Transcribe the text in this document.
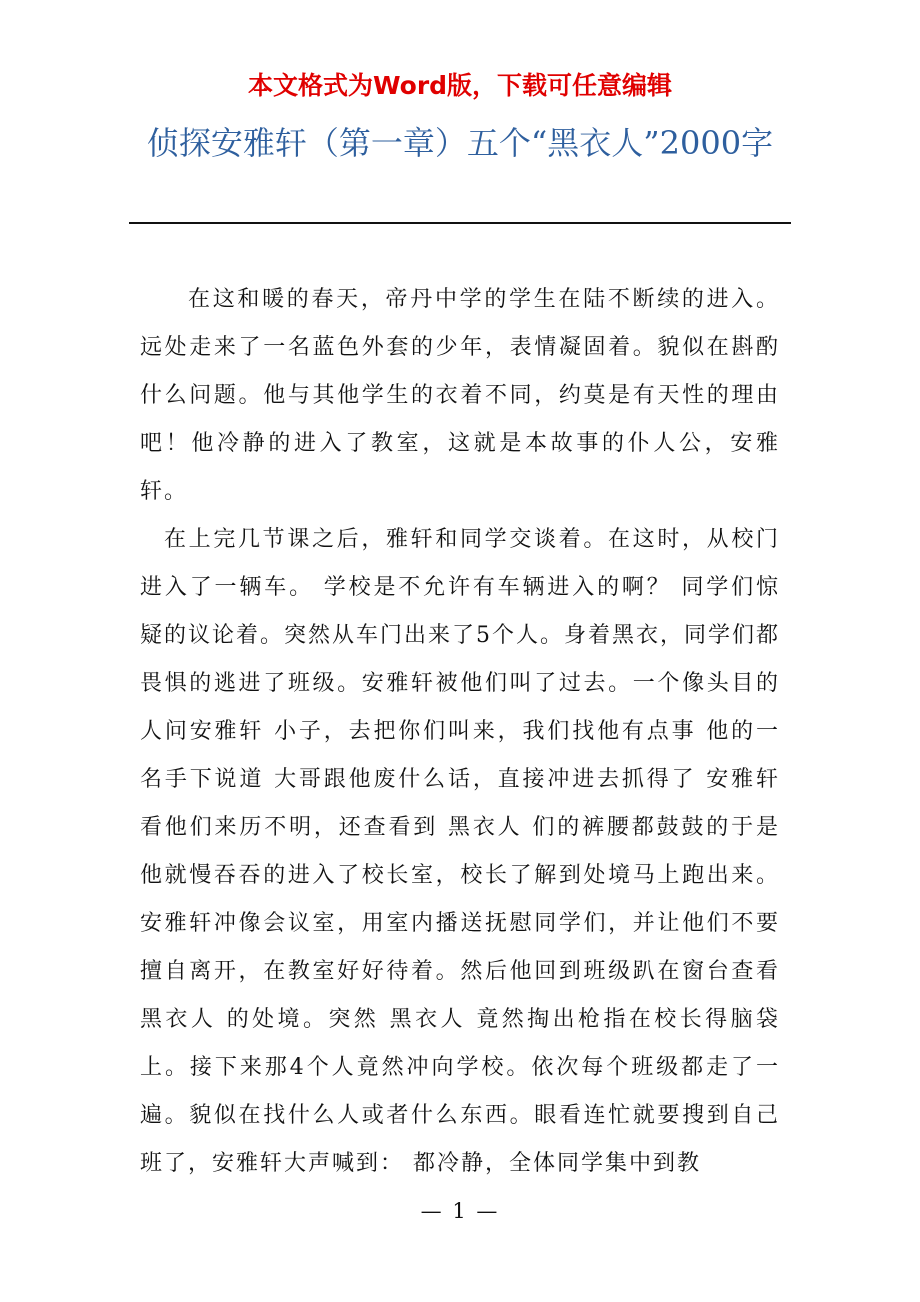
本文格式为Word版，下载可任意编辑
侦探安雅轩（第一章）五个“黑衣人”2000字

在这和暖的春天，帝丹中学的学生在陆不断续的进入。远处走来了一名蓝色外套的少年，表情凝固着。貌似在斟酌什么问题。他与其他学生的衣着不同，约莫是有天性的理由吧！他冷静的进入了教室，这就是本故事的仆人公，安雅轩。

在上完几节课之后，雅轩和同学交谈着。在这时，从校门进入了一辆车。 学校是不允许有车辆进入的啊？ 同学们惊疑的议论着。突然从车门出来了5个人。身着黑衣，同学们都畏惧的逃进了班级。安雅轩被他们叫了过去。一个像头目的人问安雅轩 小子，去把你们叫来，我们找他有点事 他的一名手下说道 大哥跟他废什么话，直接冲进去抓得了 安雅轩看他们来历不明，还查看到 黑衣人 们的裤腰都鼓鼓的于是他就慢吞吞的进入了校长室，校长了解到处境马上跑出来。安雅轩冲像会议室，用室内播送抚慰同学们，并让他们不要擅自离开，在教室好好待着。然后他回到班级趴在窗台查看 黑衣人 的处境。突然 黑衣人 竟然掏出枪指在校长得脑袋上。接下来那4个人竟然冲向学校。依次每个班级都走了一遍。貌似在找什么人或者什么东西。眼看连忙就要搜到自己班了，安雅轩大声喊到： 都冷静，全体同学集中到教

— 1 —
